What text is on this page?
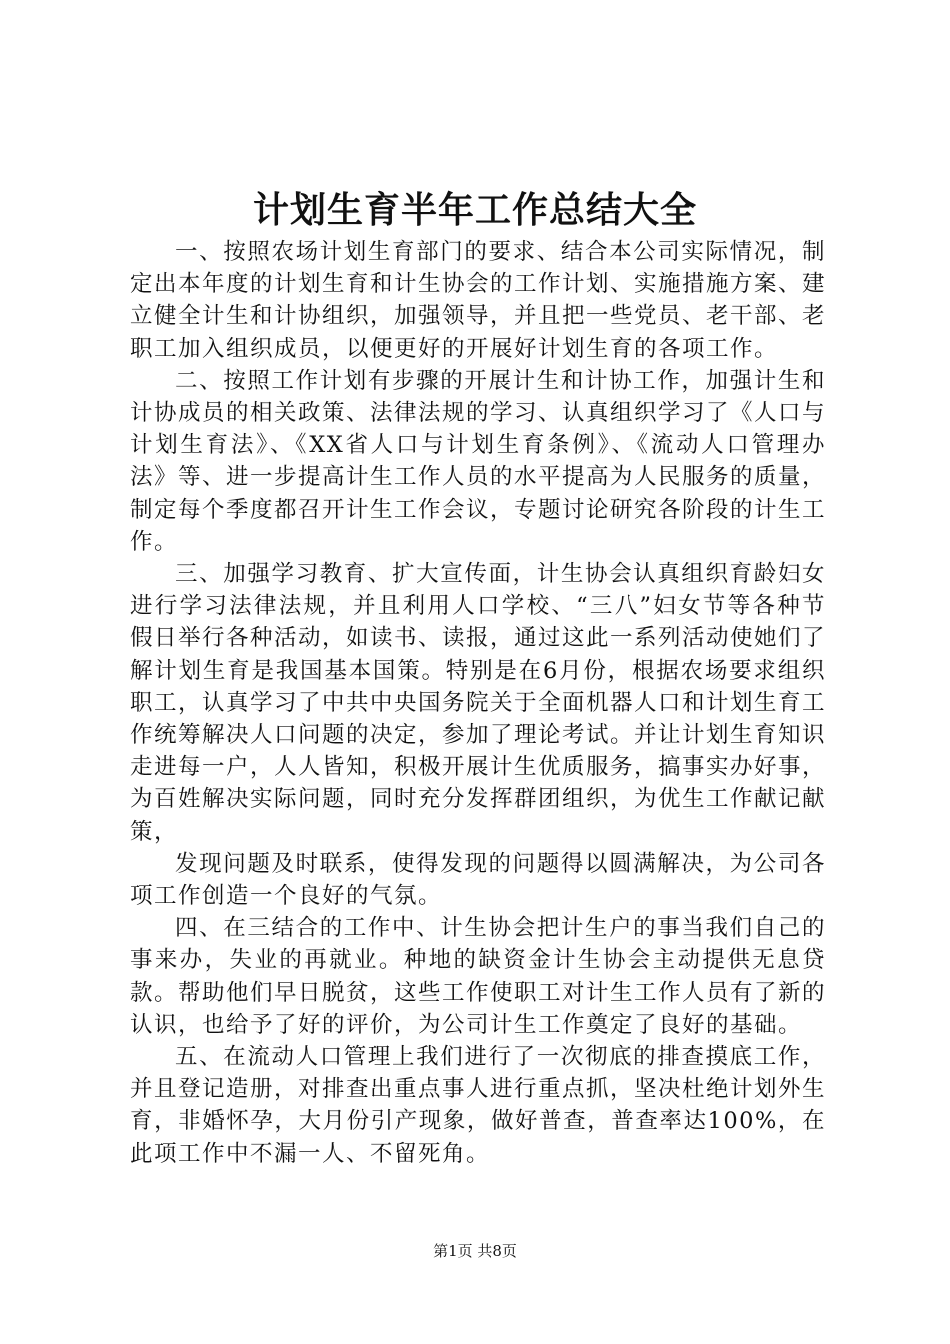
计划生育半年工作总结大全

一、按照农场计划生育部门的要求、结合本公司实际情况，制定出本年度的计划生育和计生协会的工作计划、实施措施方案、建立健全计生和计协组织，加强领导，并且把一些党员、老干部、老职工加入组织成员，以便更好的开展好计划生育的各项工作。

二、按照工作计划有步骤的开展计生和计协工作，加强计生和计协成员的相关政策、法律法规的学习、认真组织学习了《人口与计划生育法》、《XX省人口与计划生育条例》、《流动人口管理办法》等、进一步提高计生工作人员的水平提高为人民服务的质量，制定每个季度都召开计生工作会议，专题讨论研究各阶段的计生工作。

三、加强学习教育、扩大宣传面，计生协会认真组织育龄妇女进行学习法律法规，并且利用人口学校、“三八”妇女节等各种节假日举行各种活动，如读书、读报，通过这此一系列活动使她们了解计划生育是我国基本国策。特别是在6月份，根据农场要求组织职工，认真学习了中共中央国务院关于全面机器人口和计划生育工作统筹解决人口问题的决定，参加了理论考试。并让计划生育知识走进每一户，人人皆知，积极开展计生优质服务，搞事实办好事，为百姓解决实际问题，同时充分发挥群团组织，为优生工作献记献策，

发现问题及时联系，使得发现的问题得以圆满解决，为公司各项工作创造一个良好的气氛。

四、在三结合的工作中、计生协会把计生户的事当我们自己的事来办，失业的再就业。种地的缺资金计生协会主动提供无息贷款。帮助他们早日脱贫，这些工作使职工对计生工作人员有了新的认识，也给予了好的评价，为公司计生工作奠定了良好的基础。

五、在流动人口管理上我们进行了一次彻底的排查摸底工作，并且登记造册，对排查出重点事人进行重点抓，坚决杜绝计划外生育，非婚怀孕，大月份引产现象，做好普查，普查率达100%，在此项工作中不漏一人、不留死角。

第1页 共8页
